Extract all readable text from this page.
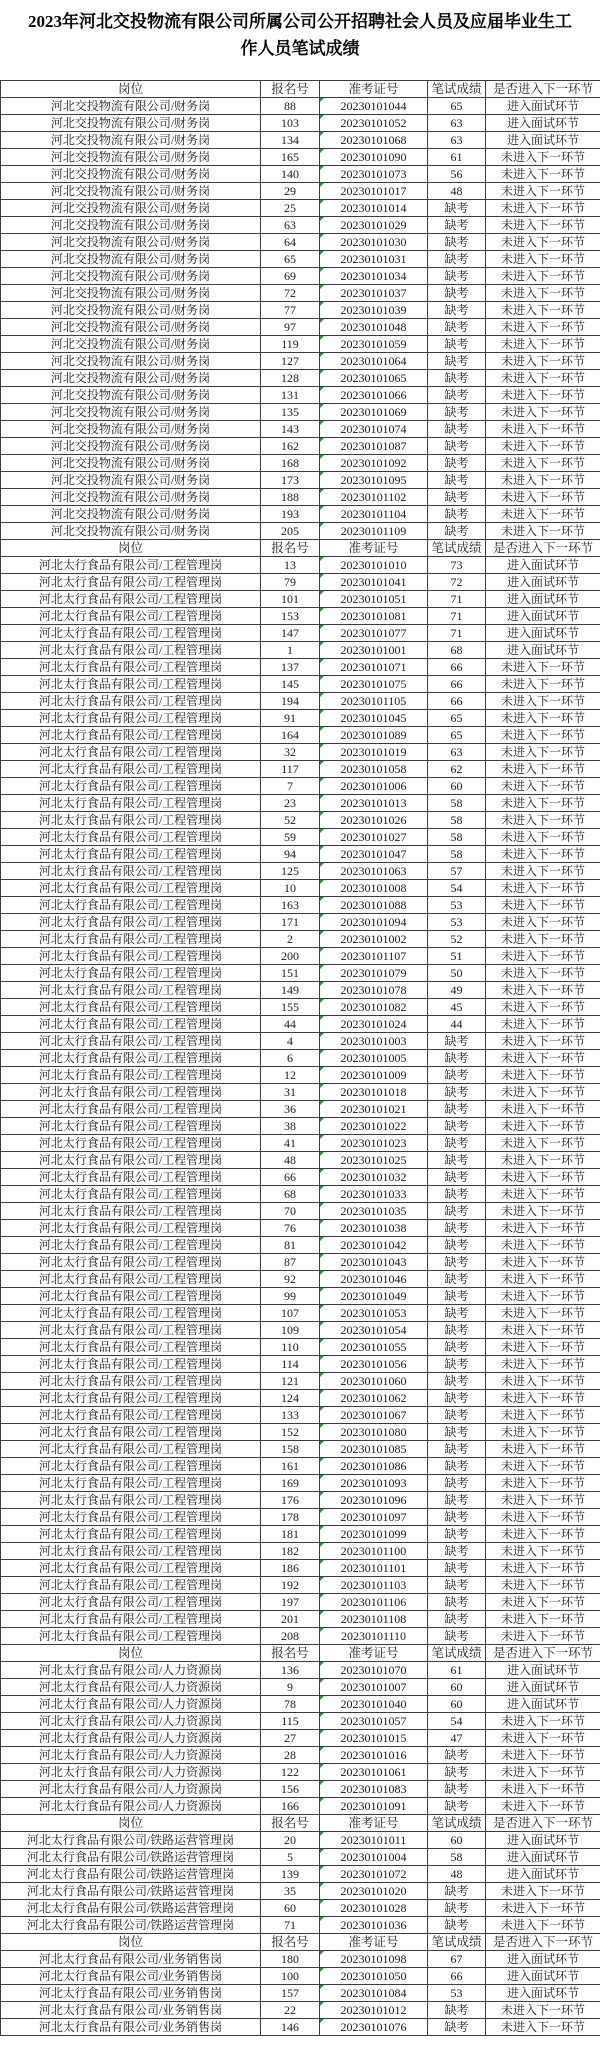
2023年河北交投物流有限公司所属公司公开招聘社会人员及应届毕业生工作人员笔试成绩
岗位	报名号	准考证号	笔试成绩	是否进入下一环节
河北交投物流有限公司/财务岗	88	20230101044	65	进入面试环节
河北交投物流有限公司/财务岗	103	20230101052	63	进入面试环节
河北交投物流有限公司/财务岗	134	20230101068	63	进入面试环节
河北交投物流有限公司/财务岗	165	20230101090	61	未进入下一环节
河北交投物流有限公司/财务岗	140	20230101073	56	未进入下一环节
河北交投物流有限公司/财务岗	29	20230101017	48	未进入下一环节
河北交投物流有限公司/财务岗	25	20230101014	缺考	未进入下一环节
河北交投物流有限公司/财务岗	63	20230101029	缺考	未进入下一环节
河北交投物流有限公司/财务岗	64	20230101030	缺考	未进入下一环节
河北交投物流有限公司/财务岗	65	20230101031	缺考	未进入下一环节
河北交投物流有限公司/财务岗	69	20230101034	缺考	未进入下一环节
河北交投物流有限公司/财务岗	72	20230101037	缺考	未进入下一环节
河北交投物流有限公司/财务岗	77	20230101039	缺考	未进入下一环节
河北交投物流有限公司/财务岗	97	20230101048	缺考	未进入下一环节
河北交投物流有限公司/财务岗	119	20230101059	缺考	未进入下一环节
河北交投物流有限公司/财务岗	127	20230101064	缺考	未进入下一环节
河北交投物流有限公司/财务岗	128	20230101065	缺考	未进入下一环节
河北交投物流有限公司/财务岗	131	20230101066	缺考	未进入下一环节
河北交投物流有限公司/财务岗	135	20230101069	缺考	未进入下一环节
河北交投物流有限公司/财务岗	143	20230101074	缺考	未进入下一环节
河北交投物流有限公司/财务岗	162	20230101087	缺考	未进入下一环节
河北交投物流有限公司/财务岗	168	20230101092	缺考	未进入下一环节
河北交投物流有限公司/财务岗	173	20230101095	缺考	未进入下一环节
河北交投物流有限公司/财务岗	188	20230101102	缺考	未进入下一环节
河北交投物流有限公司/财务岗	193	20230101104	缺考	未进入下一环节
河北交投物流有限公司/财务岗	205	20230101109	缺考	未进入下一环节
岗位	报名号	准考证号	笔试成绩	是否进入下一环节
河北太行食品有限公司/工程管理岗	13	20230101010	73	进入面试环节
河北太行食品有限公司/工程管理岗	79	20230101041	72	进入面试环节
河北太行食品有限公司/工程管理岗	101	20230101051	71	进入面试环节
河北太行食品有限公司/工程管理岗	153	20230101081	71	进入面试环节
河北太行食品有限公司/工程管理岗	147	20230101077	71	进入面试环节
河北太行食品有限公司/工程管理岗	1	20230101001	68	进入面试环节
河北太行食品有限公司/工程管理岗	137	20230101071	66	未进入下一环节
河北太行食品有限公司/工程管理岗	145	20230101075	66	未进入下一环节
河北太行食品有限公司/工程管理岗	194	20230101105	66	未进入下一环节
河北太行食品有限公司/工程管理岗	91	20230101045	65	未进入下一环节
河北太行食品有限公司/工程管理岗	164	20230101089	65	未进入下一环节
河北太行食品有限公司/工程管理岗	32	20230101019	63	未进入下一环节
河北太行食品有限公司/工程管理岗	117	20230101058	62	未进入下一环节
河北太行食品有限公司/工程管理岗	7	20230101006	60	未进入下一环节
河北太行食品有限公司/工程管理岗	23	20230101013	58	未进入下一环节
河北太行食品有限公司/工程管理岗	52	20230101026	58	未进入下一环节
河北太行食品有限公司/工程管理岗	59	20230101027	58	未进入下一环节
河北太行食品有限公司/工程管理岗	94	20230101047	58	未进入下一环节
河北太行食品有限公司/工程管理岗	125	20230101063	57	未进入下一环节
河北太行食品有限公司/工程管理岗	10	20230101008	54	未进入下一环节
河北太行食品有限公司/工程管理岗	163	20230101088	53	未进入下一环节
河北太行食品有限公司/工程管理岗	171	20230101094	53	未进入下一环节
河北太行食品有限公司/工程管理岗	2	20230101002	52	未进入下一环节
河北太行食品有限公司/工程管理岗	200	20230101107	51	未进入下一环节
河北太行食品有限公司/工程管理岗	151	20230101079	50	未进入下一环节
河北太行食品有限公司/工程管理岗	149	20230101078	49	未进入下一环节
河北太行食品有限公司/工程管理岗	155	20230101082	45	未进入下一环节
河北太行食品有限公司/工程管理岗	44	20230101024	44	未进入下一环节
河北太行食品有限公司/工程管理岗	4	20230101003	缺考	未进入下一环节
河北太行食品有限公司/工程管理岗	6	20230101005	缺考	未进入下一环节
河北太行食品有限公司/工程管理岗	12	20230101009	缺考	未进入下一环节
河北太行食品有限公司/工程管理岗	31	20230101018	缺考	未进入下一环节
河北太行食品有限公司/工程管理岗	36	20230101021	缺考	未进入下一环节
河北太行食品有限公司/工程管理岗	38	20230101022	缺考	未进入下一环节
河北太行食品有限公司/工程管理岗	41	20230101023	缺考	未进入下一环节
河北太行食品有限公司/工程管理岗	48	20230101025	缺考	未进入下一环节
河北太行食品有限公司/工程管理岗	66	20230101032	缺考	未进入下一环节
河北太行食品有限公司/工程管理岗	68	20230101033	缺考	未进入下一环节
河北太行食品有限公司/工程管理岗	70	20230101035	缺考	未进入下一环节
河北太行食品有限公司/工程管理岗	76	20230101038	缺考	未进入下一环节
河北太行食品有限公司/工程管理岗	81	20230101042	缺考	未进入下一环节
河北太行食品有限公司/工程管理岗	87	20230101043	缺考	未进入下一环节
河北太行食品有限公司/工程管理岗	92	20230101046	缺考	未进入下一环节
河北太行食品有限公司/工程管理岗	99	20230101049	缺考	未进入下一环节
河北太行食品有限公司/工程管理岗	107	20230101053	缺考	未进入下一环节
河北太行食品有限公司/工程管理岗	109	20230101054	缺考	未进入下一环节
河北太行食品有限公司/工程管理岗	110	20230101055	缺考	未进入下一环节
河北太行食品有限公司/工程管理岗	114	20230101056	缺考	未进入下一环节
河北太行食品有限公司/工程管理岗	121	20230101060	缺考	未进入下一环节
河北太行食品有限公司/工程管理岗	124	20230101062	缺考	未进入下一环节
河北太行食品有限公司/工程管理岗	133	20230101067	缺考	未进入下一环节
河北太行食品有限公司/工程管理岗	152	20230101080	缺考	未进入下一环节
河北太行食品有限公司/工程管理岗	158	20230101085	缺考	未进入下一环节
河北太行食品有限公司/工程管理岗	161	20230101086	缺考	未进入下一环节
河北太行食品有限公司/工程管理岗	169	20230101093	缺考	未进入下一环节
河北太行食品有限公司/工程管理岗	176	20230101096	缺考	未进入下一环节
河北太行食品有限公司/工程管理岗	178	20230101097	缺考	未进入下一环节
河北太行食品有限公司/工程管理岗	181	20230101099	缺考	未进入下一环节
河北太行食品有限公司/工程管理岗	182	20230101100	缺考	未进入下一环节
河北太行食品有限公司/工程管理岗	186	20230101101	缺考	未进入下一环节
河北太行食品有限公司/工程管理岗	192	20230101103	缺考	未进入下一环节
河北太行食品有限公司/工程管理岗	197	20230101106	缺考	未进入下一环节
河北太行食品有限公司/工程管理岗	201	20230101108	缺考	未进入下一环节
河北太行食品有限公司/工程管理岗	208	20230101110	缺考	未进入下一环节
岗位	报名号	准考证号	笔试成绩	是否进入下一环节
河北太行食品有限公司/人力资源岗	136	20230101070	61	进入面试环节
河北太行食品有限公司/人力资源岗	9	20230101007	60	进入面试环节
河北太行食品有限公司/人力资源岗	78	20230101040	60	进入面试环节
河北太行食品有限公司/人力资源岗	115	20230101057	54	未进入下一环节
河北太行食品有限公司/人力资源岗	27	20230101015	47	未进入下一环节
河北太行食品有限公司/人力资源岗	28	20230101016	缺考	未进入下一环节
河北太行食品有限公司/人力资源岗	122	20230101061	缺考	未进入下一环节
河北太行食品有限公司/人力资源岗	156	20230101083	缺考	未进入下一环节
河北太行食品有限公司/人力资源岗	166	20230101091	缺考	未进入下一环节
岗位	报名号	准考证号	笔试成绩	是否进入下一环节
河北太行食品有限公司/铁路运营管理岗	20	20230101011	60	进入面试环节
河北太行食品有限公司/铁路运营管理岗	5	20230101004	58	进入面试环节
河北太行食品有限公司/铁路运营管理岗	139	20230101072	48	进入面试环节
河北太行食品有限公司/铁路运营管理岗	35	20230101020	缺考	未进入下一环节
河北太行食品有限公司/铁路运营管理岗	60	20230101028	缺考	未进入下一环节
河北太行食品有限公司/铁路运营管理岗	71	20230101036	缺考	未进入下一环节
岗位	报名号	准考证号	笔试成绩	是否进入下一环节
河北太行食品有限公司/业务销售岗	180	20230101098	67	进入面试环节
河北太行食品有限公司/业务销售岗	100	20230101050	66	进入面试环节
河北太行食品有限公司/业务销售岗	157	20230101084	53	进入面试环节
河北太行食品有限公司/业务销售岗	22	20230101012	缺考	未进入下一环节
河北太行食品有限公司/业务销售岗	146	20230101076	缺考	未进入下一环节
